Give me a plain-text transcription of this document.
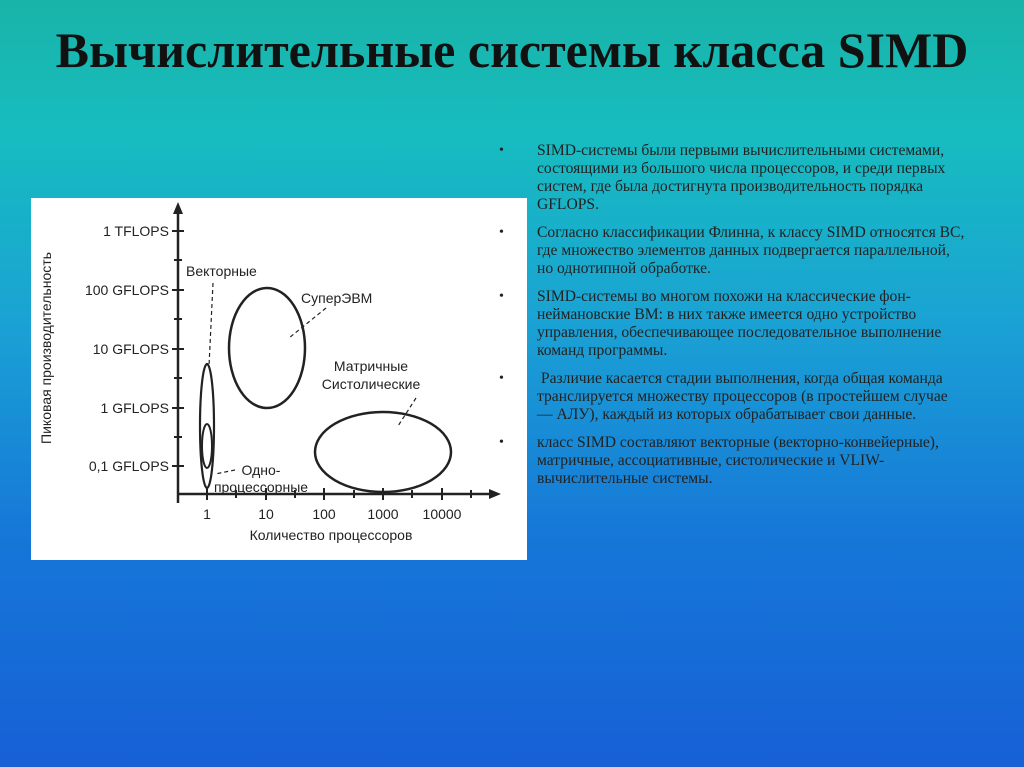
Вычислительные системы класса SIMD
1 TFLOPS
100 GFLOPS
10 GFLOPS
1 GFLOPS
0,1 GFLOPS
1	10	100 1000 10000
Количество процессоров
Пиковая производительность	Векторные
СуперЭВМ
Матричные
Систолические
Одно-
процессорные
• SIMD-системы были первыми вычислительными системами, состоящими из большого числа процессоров, и среди первых систем, где была достигнута производительность порядка GFLOPS.
• Согласно классификации Флинна, к классу SIMD относятся ВС, где множество элементов данных подвергается параллельной, но однотипной обработке.
• SIMD-системы во многом похожи на классические фон-неймановские ВМ: в них также имеется одно устройство управления, обеспечивающее последовательное выполнение команд программы.
• Различие касается стадии выполнения, когда общая команда транслируется множеству процессоров (в простейшем случае — АЛУ), каждый из которых обрабатывает свои данные.
• класс SIMD составляют векторные (векторно-конвейерные), матричные, ассоциативные, систолические и VLIW-вычислительные системы.
